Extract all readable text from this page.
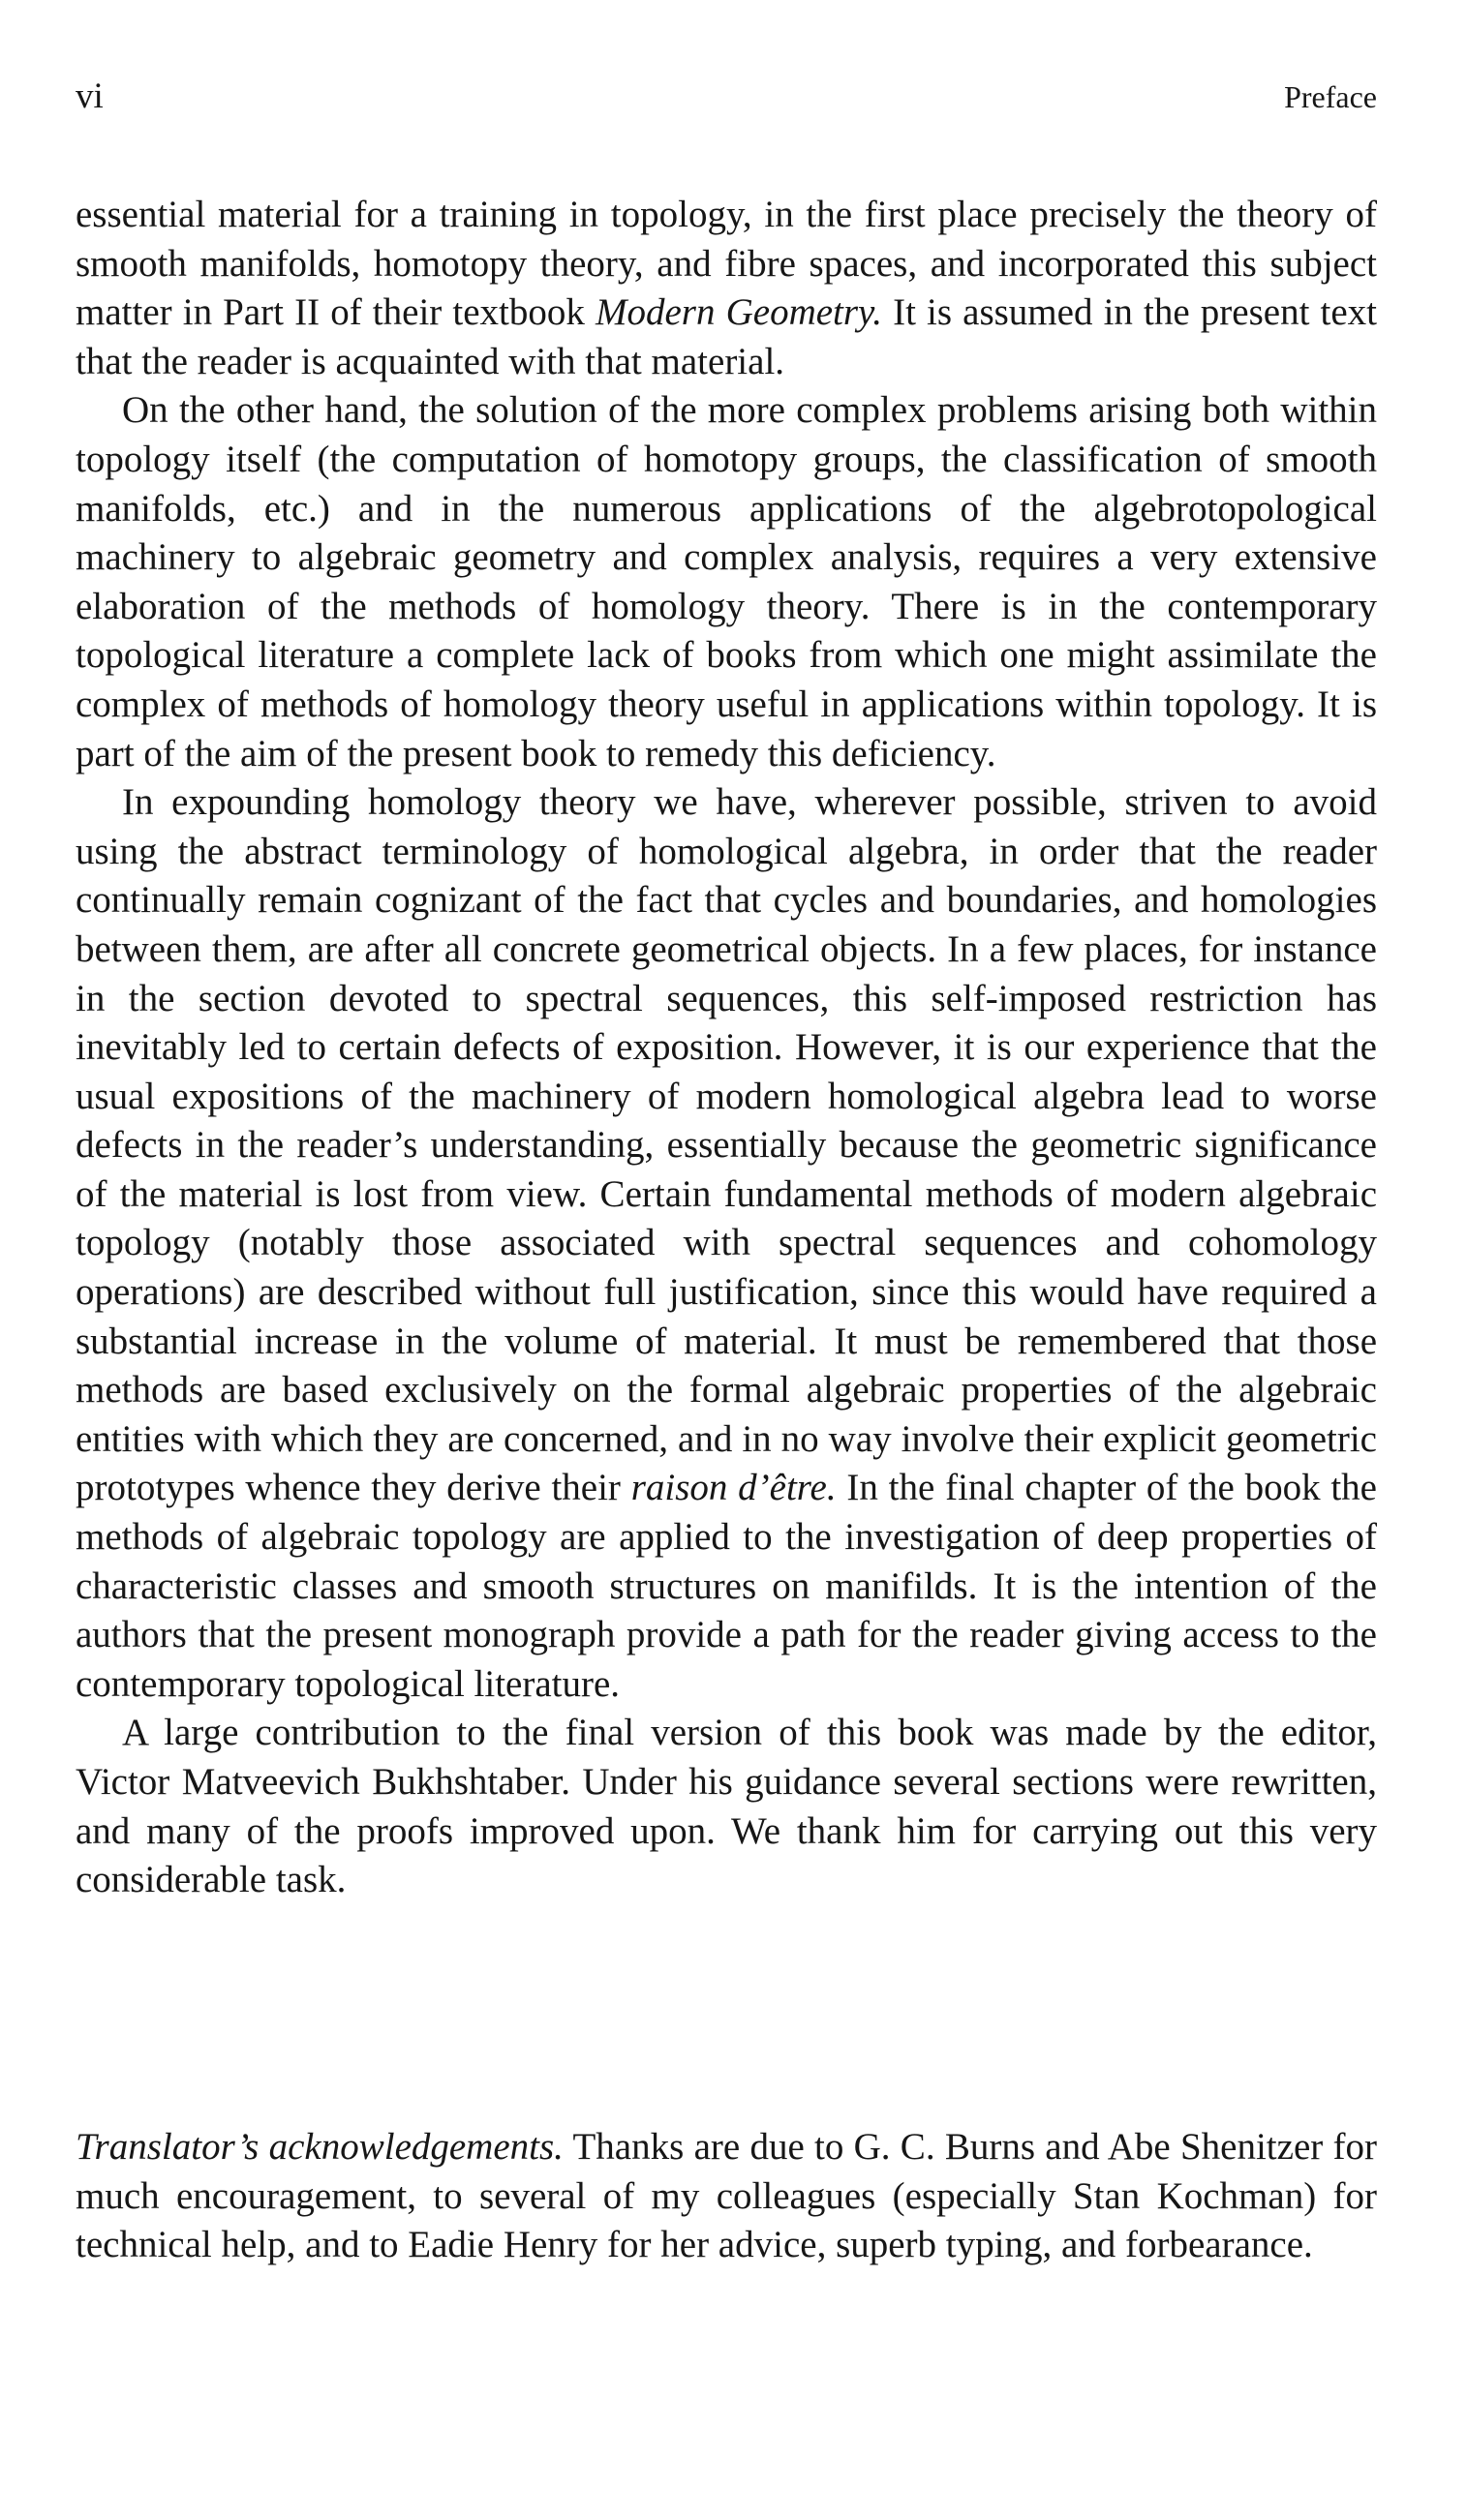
vi	Preface

essential material for a training in topology, in the first place precisely the theory of smooth manifolds, homotopy theory, and fibre spaces, and incorporated this subject matter in Part II of their textbook Modern Geometry. It is assumed in the present text that the reader is acquainted with that material.

On the other hand, the solution of the more complex problems arising both within topology itself (the computation of homotopy groups, the classification of smooth manifolds, etc.) and in the numerous applications of the algebrotopological machinery to algebraic geometry and complex analysis, requires a very extensive elaboration of the methods of homology theory. There is in the contemporary topological literature a complete lack of books from which one might assimilate the complex of methods of homology theory useful in applications within topology. It is part of the aim of the present book to remedy this deficiency.

In expounding homology theory we have, wherever possible, striven to avoid using the abstract terminology of homological algebra, in order that the reader continually remain cognizant of the fact that cycles and boundaries, and homologies between them, are after all concrete geometrical objects. In a few places, for instance in the section devoted to spectral sequences, this self-imposed restriction has inevitably led to certain defects of exposition. However, it is our experience that the usual expositions of the machinery of modern homological algebra lead to worse defects in the reader’s understanding, essentially because the geometric significance of the material is lost from view. Certain fundamental methods of modern algebraic topology (notably those associated with spectral sequences and cohomology operations) are described without full justification, since this would have required a substantial increase in the volume of material. It must be remembered that those methods are based exclusively on the formal algebraic properties of the algebraic entities with which they are concerned, and in no way involve their explicit geometric prototypes whence they derive their raison d’être. In the final chapter of the book the methods of algebraic topology are applied to the investigation of deep properties of characteristic classes and smooth structures on manifilds. It is the intention of the authors that the present monograph provide a path for the reader giving access to the contemporary topological literature.

A large contribution to the final version of this book was made by the editor, Victor Matveevich Bukhshtaber. Under his guidance several sections were rewritten, and many of the proofs improved upon. We thank him for carrying out this very considerable task.

Translator’s acknowledgements. Thanks are due to G. C. Burns and Abe Shenitzer for much encouragement, to several of my colleagues (especially Stan Kochman) for technical help, and to Eadie Henry for her advice, superb typing, and forbearance.
